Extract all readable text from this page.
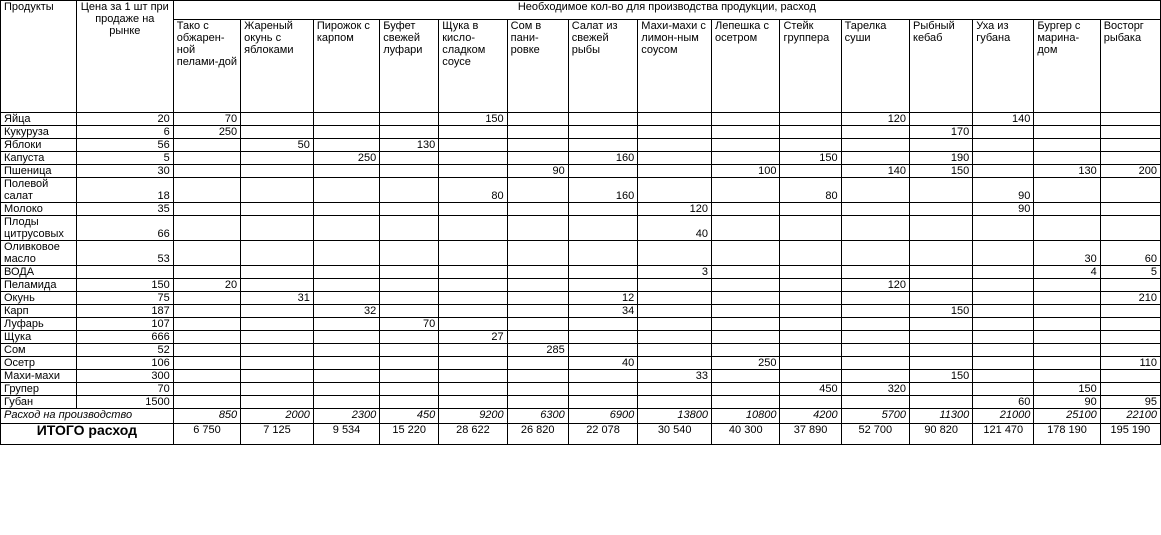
Продукты	Цена за 1 шт при продаже на рынке	Необходимое кол-во для производства продукции, расход														
		Тако с обжарен-ной пелами-дой	Жареный окунь с яблоками	Пирожок с карпом	Буфет свежей луфари	Щука в кисло-сладком соусе	Сом в пани-ровке	Салат из свежей рыбы	Махи-махи с лимон-ным соусом	Лепешка с осетром	Стейк группера	Тарелка суши	Рыбный кебаб	Уха из губана	Бургер с марина-дом	Восторг рыбака
Яйца	20	70				150						120		140		
Кукуруза	6	250											170			
Яблоки	56		50		130											
Капуста	5			250				160			150		190			
Пшеница	30						90			100		140	150		130	200
Полевой салат	18					80		160			80			90		
Молоко	35								120					90		
Плоды цитрусовых	66								40							
Оливковое масло	53														30	60
ВОДА									3						4	5
Пеламида	150	20										120				
Окунь	75		31					12								210
Карп	187			32				34					150			
Луфарь	107				70											
Щука	666					27										
Сом	52						285									
Осетр	106							40		250						110
Махи-махи	300								33				150			
Групер	70										450	320			150	
Губан	1500													60	90	95
Расход на производство		850	2000	2300	450	9200	6300	6900	13800	10800	4200	5700	11300	21000	25100	22100
ИТОГО расход		6 750	7 125	9 534	15 220	28 622	26 820	22 078	30 540	40 300	37 890	52 700	90 820	121 470	178 190	195 190
